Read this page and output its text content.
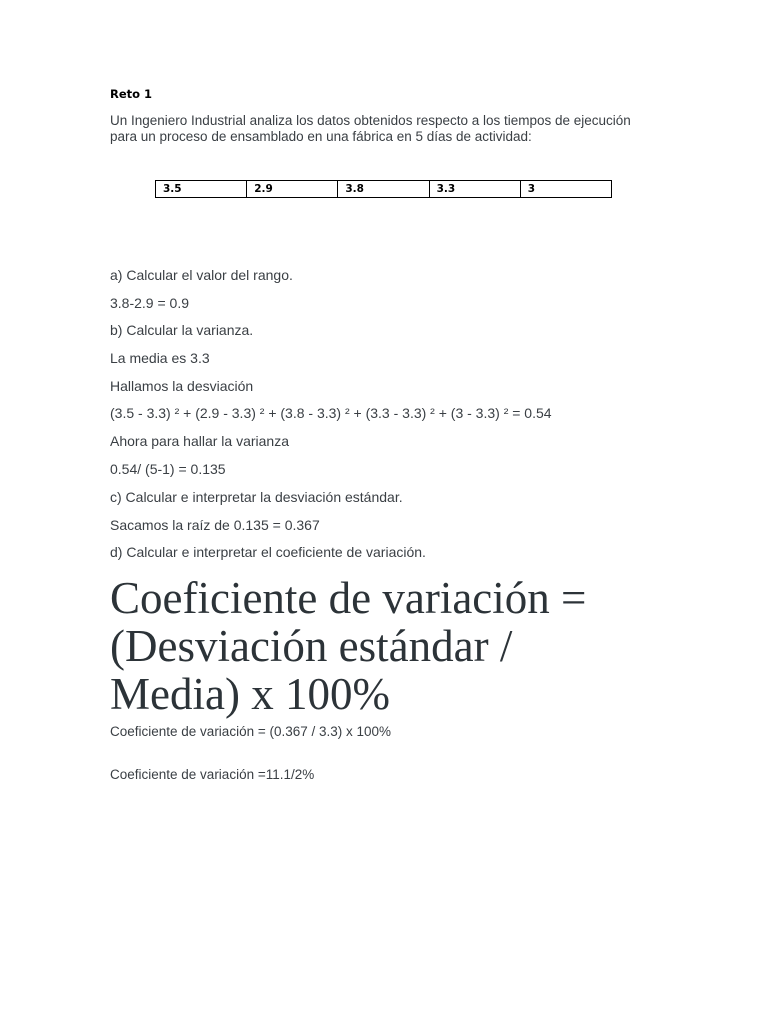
Reto 1
Un Ingeniero Industrial analiza los datos obtenidos respecto a los tiempos de ejecución
para un proceso de ensamblado en una fábrica en 5 días de actividad:
3.5	2.9	3.8	3.3	3
a) Calcular el valor del rango.
3.8-2.9 = 0.9
b) Calcular la varianza.
La media es 3.3
Hallamos la desviación
(3.5 - 3.3) ² + (2.9 - 3.3) ² + (3.8 - 3.3) ² + (3.3 - 3.3) ² + (3 - 3.3) ² = 0.54
Ahora para hallar la varianza
0.54/ (5-1) = 0.135
c) Calcular e interpretar la desviación estándar.
Sacamos la raíz de 0.135 = 0.367
d) Calcular e interpretar el coeficiente de variación.
Coeficiente de variación =
(Desviación estándar /
Media) x 100%
Coeficiente de variación = (0.367 / 3.3) x 100%
Coeficiente de variación =11.1/2%
